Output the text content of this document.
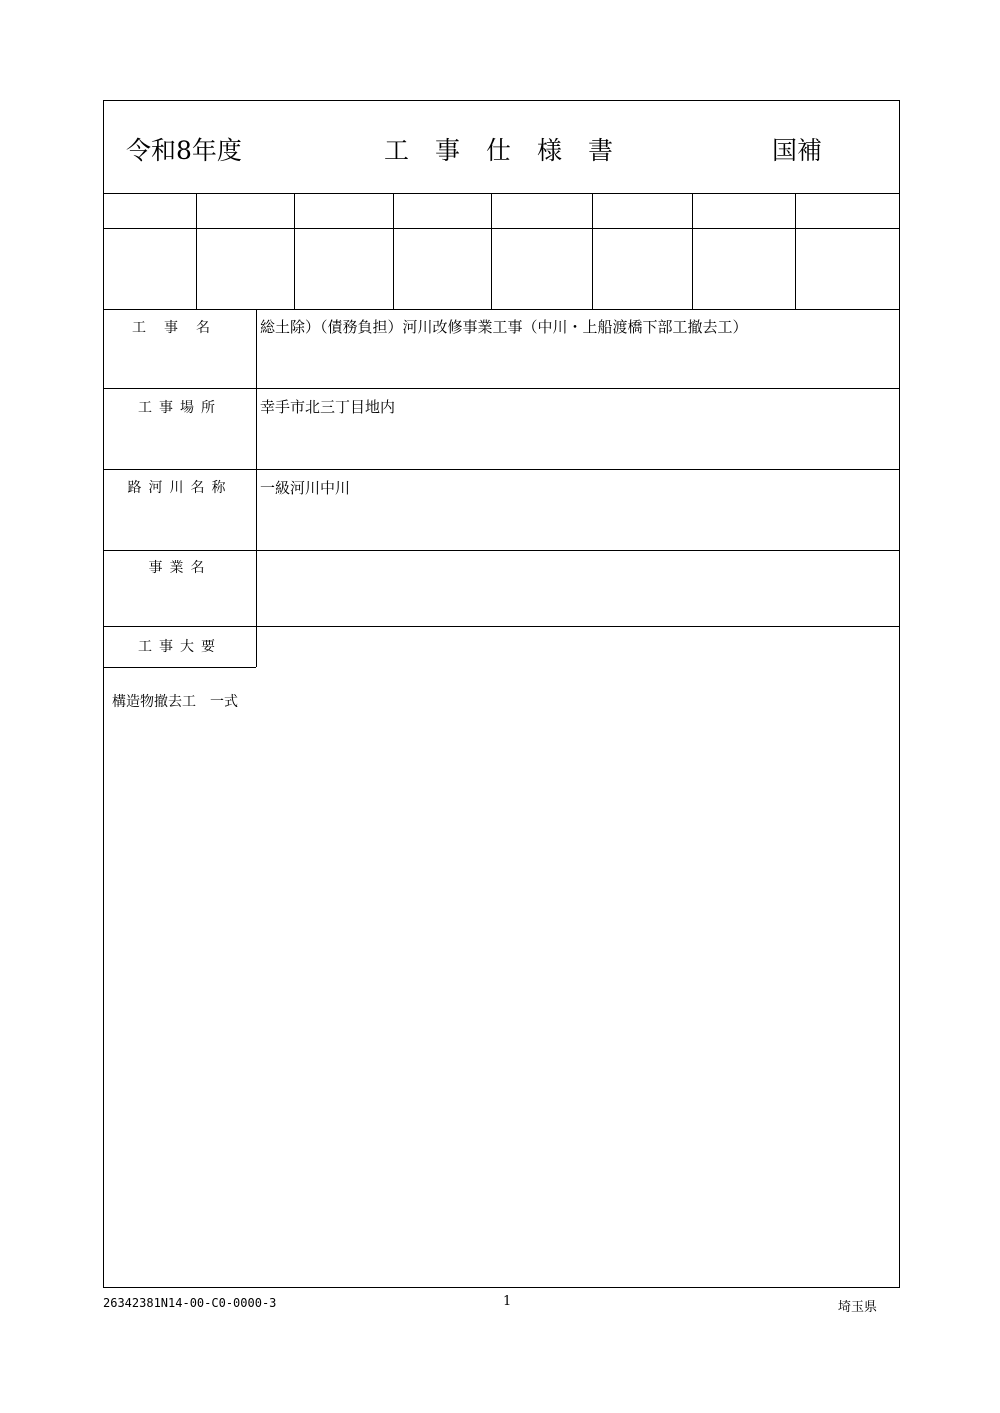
令和8年度	工事仕様書	国補
工事名	総土除）（債務負担）河川改修事業工事（中川・上船渡橋下部工撤去工）
工事場所	幸手市北三丁目地内
路河川名称	一級河川中川
事業名
工事大要
構造物撤去工　一式
26342381N14-00-C0-0000-3	1	埼玉県
